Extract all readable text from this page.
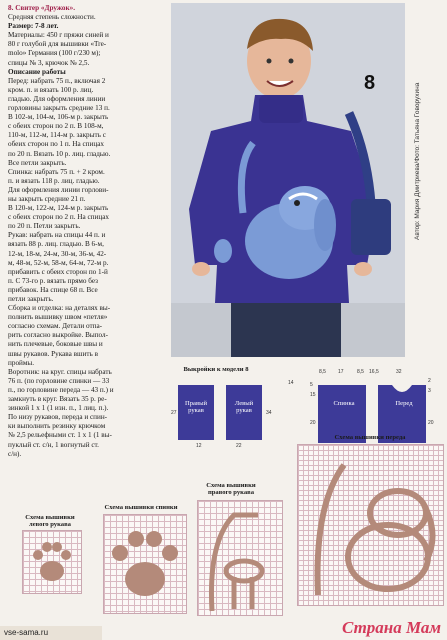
8. Свитер «Дружок».

Средняя степень сложности.

Размер: 7-8 лет.

Материалы: 450 г пряжи синей и

80 г голубой для вышивки «Tre-

molo» Германия (100 г/230 м);

спицы № 3, крючок № 2,5.

Описание работы

Перед: набрать 75 п., включая 2

кром. п. и вязать 100 р. лиц.

гладью. Для оформления линии

горловины закрыть средние 13 п.

В 102-м, 104-м, 106-м р. закрыть

с обеих сторон по 2 п. В 108-м,

110-м, 112-м, 114-м р. закрыть с

обеих сторон по 1 п. На спицах

по 20 п. Вязать 10 р. лиц. гладью.

Все петли закрыть.

Спинка: набрать 75 п. + 2 кром.

п. и вязать 118 р. лиц. гладью.

Для оформления линии горлови-

ны закрыть средние 21 п.

В 120-м, 122-м, 124-м р. закрыть

с обеих сторон по 2 п. На спицах

по 20 п. Петли закрыть.

Рукав: набрать на спицы 44 п. и

вязать 88 р. лиц. гладью. В 6-м,

12-м, 18-м, 24-м, 30-м, 36-м, 42-

м, 48-м, 52-м, 58-м, 64-м, 72-м р.

прибавить с обеих сторон по 1-й

п. С 73-го р. вязать прямо без

прибавок. На спице 68 п. Все

петли закрыть.

Сборка и отделка: на деталях вы-

полнить вышивку швом «петля»

согласно схемам. Детали отпа-

рить согласно выкройке. Выпол-

нить плечевые, боковые швы и

швы рукавов. Рукава вшить в

проймы.

Воротник: на круг. спицы набрать

76 п. (по горловине спинки — 33

п., по горловине переда — 43 п.) и

замкнуть в круг. Вязать 35 р. ре-

зинкой 1 х 1 (1 изн. п., 1 лиц. п.).

По низу рукавов, переда и спин-

ки выполнить резинку крючком

№ 2,5 рельефными ст. 1 х 1 (1 вы-

пуклый ст. с/н, 1 вогнутый ст.

с/н).

8	Автор: Мария Дмитриева/Фото: Татьяна Говорухина
Выкройки к модели 8
Правый рукав
Левый рукав
Спинка	Перед
27
12
34
22
14
8,5 17	8,5
5
15
20
16,5	32
2
3
20
Схема вышивки переда
Схема вышивки
левого рукава
Схема вышивки спинки
Схема вышивки
правого рукава
vse-sama.ru	Страна Мам
